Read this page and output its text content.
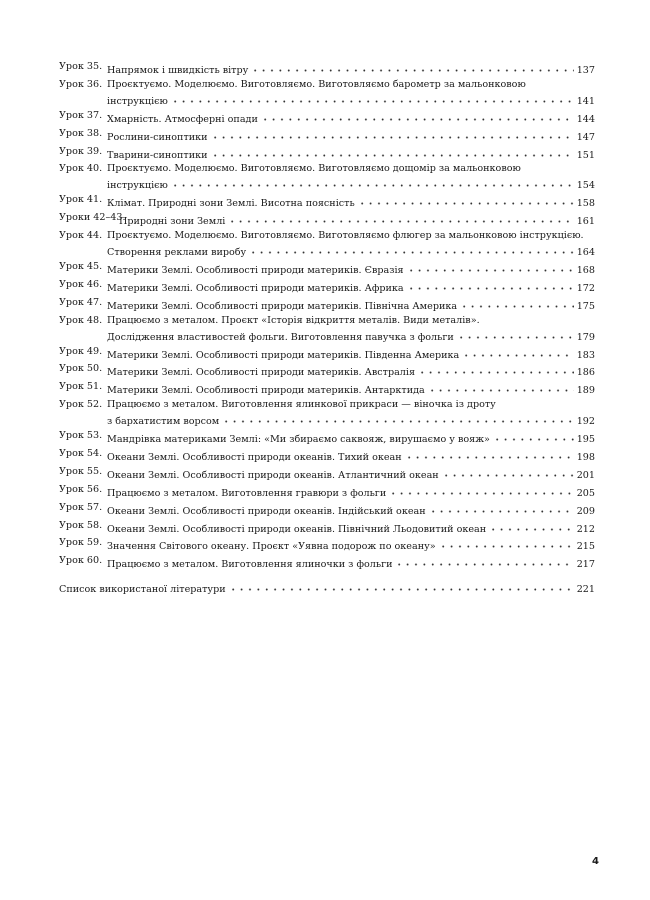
Урок 35. Напрямок і швидкість вітру	137
Урок 36. Проєктуємо. Моделюємо. Виготовляємо. Виготовляємо барометр за мальонковою
інструкцією	141
Урок 37. Хмарність. Атмосферні опади	144
Урок 38. Рослини-синоптики	147
Урок 39. Тварини-синоптики	151
Урок 40. Проєктуємо. Моделюємо. Виготовляємо. Виготовляємо дощомір за мальонковою
інструкцією	154
Урок 41. Клімат. Природні зони Землі. Висотна поясність	158
Уроки 42–43.
Природні зони Землі	161
Урок 44. Проєктуємо. Моделюємо. Виготовляємо. Виготовляємо флюгер за мальонковою інструкцією.
Створення реклами виробу	164
Урок 45. Материки Землі. Особливості природи материків. Євразія	168
Урок 46. Материки Землі. Особливості природи материків. Африка	172
Урок 47. Материки Землі. Особливості природи материків. Північна Америка	175
Урок 48. Працюємо з металом. Проєкт «Історія відкриття металів. Види металів».
Дослідження властивостей фольги. Виготовлення павучка з фольги	179
Урок 49. Материки Землі. Особливості природи материків. Південна Америка	183
Урок 50. Материки Землі. Особливості природи материків. Австралія	186
Урок 51. Материки Землі. Особливості природи материків. Антарктида	189
Урок 52. Працюємо з металом. Виготовлення ялинкової прикраси — віночка із дроту
з бархатистим ворсом	192
Урок 53. Мандрівка материками Землі: «Ми збираємо саквояж, вирушаємо у вояж»	195
Урок 54. Океани Землі. Особливості природи океанів. Тихий океан	198
Урок 55. Океани Землі. Особливості природи океанів. Атлантичний океан	201
Урок 56. Працюємо з металом. Виготовлення гравюри з фольги	205
Урок 57. Океани Землі. Особливості природи океанів. Індійський океан	209
Урок 58. Океани Землі. Особливості природи океанів. Північний Льодовитий океан	212
Урок 59. Значення Світового океану. Проєкт «Уявна подорож по океану»	215
Урок 60. Працюємо з металом. Виготовлення ялиночки з фольги	217
Список використаної літератури	221
4
